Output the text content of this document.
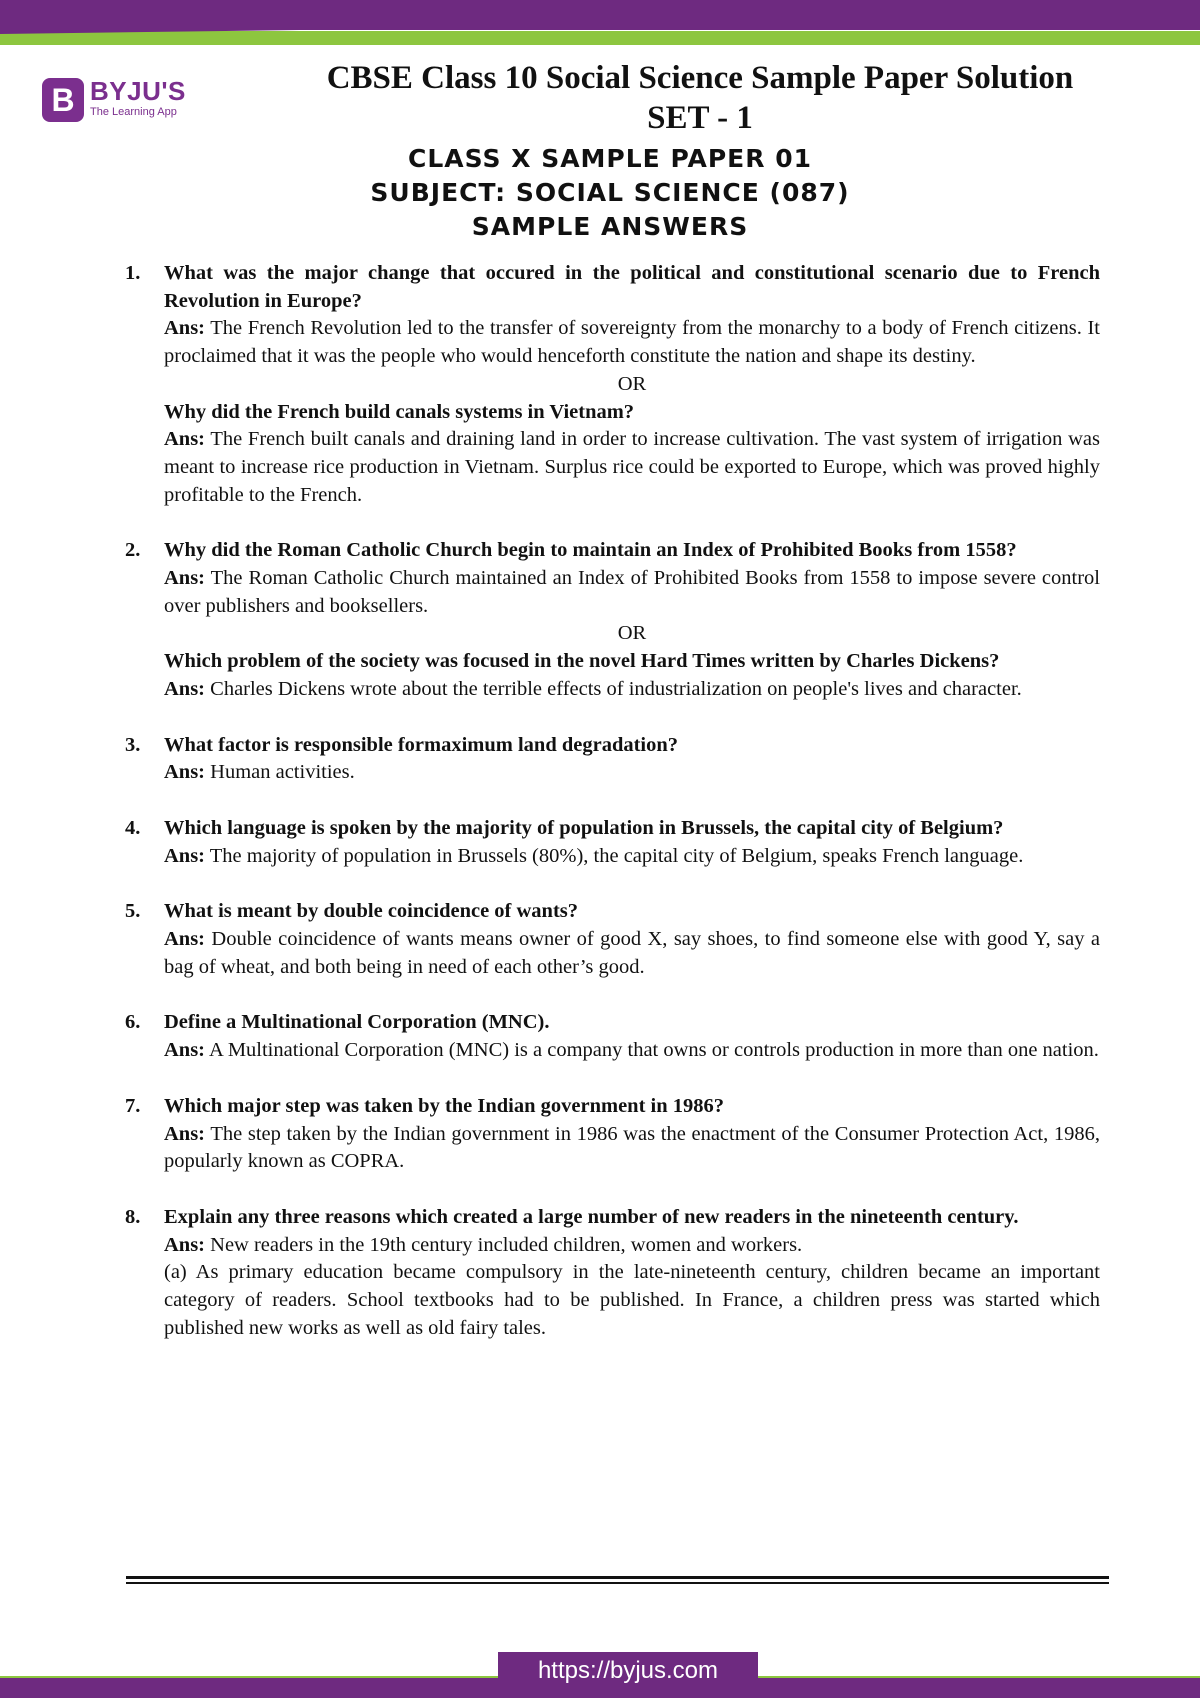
B BYJU'S
The Learning App
CBSE Class 10 Social Science Sample Paper Solution
SET - 1
CLASS X SAMPLE PAPER 01
SUBJECT: SOCIAL SCIENCE (087)
SAMPLE ANSWERS
1. What was the major change that occured in the political and constitutional scenario due to French Revolution in Europe?
Ans: The French Revolution led to the transfer of sovereignty from the monarchy to a body of French citizens. It proclaimed that it was the people who would henceforth constitute the nation and shape its destiny.
OR
Why did the French build canals systems in Vietnam?
Ans: The French built canals and draining land in order to increase cultivation. The vast system of irrigation was meant to increase rice production in Vietnam. Surplus rice could be exported to Europe, which was proved highly profitable to the French.
2. Why did the Roman Catholic Church begin to maintain an Index of Prohibited Books from 1558?
Ans: The Roman Catholic Church maintained an Index of Prohibited Books from 1558 to impose severe control over publishers and booksellers.
OR
Which problem of the society was focused in the novel Hard Times written by Charles Dickens?
Ans: Charles Dickens wrote about the terrible effects of industrialization on people's lives and character.
3. What factor is responsible formaximum land degradation?
Ans: Human activities.
4. Which language is spoken by the majority of population in Brussels, the capital city of Belgium?
Ans: The majority of population in Brussels (80%), the capital city of Belgium, speaks French language.
5. What is meant by double coincidence of wants?
Ans: Double coincidence of wants means owner of good X, say shoes, to find someone else with good Y, say a bag of wheat, and both being in need of each other’s good.
6. Define a Multinational Corporation (MNC).
Ans: A Multinational Corporation (MNC) is a company that owns or controls production in more than one nation.
7. Which major step was taken by the Indian government in 1986?
Ans: The step taken by the Indian government in 1986 was the enactment of the Consumer Protection Act, 1986, popularly known as COPRA.
8. Explain any three reasons which created a large number of new readers in the nineteenth century.
Ans: New readers in the 19th century included children, women and workers.
(a) As primary education became compulsory in the late-nineteenth century, children became an important category of readers. School textbooks had to be published. In France, a children press was started which published new works as well as old fairy tales.
https://byjus.com
